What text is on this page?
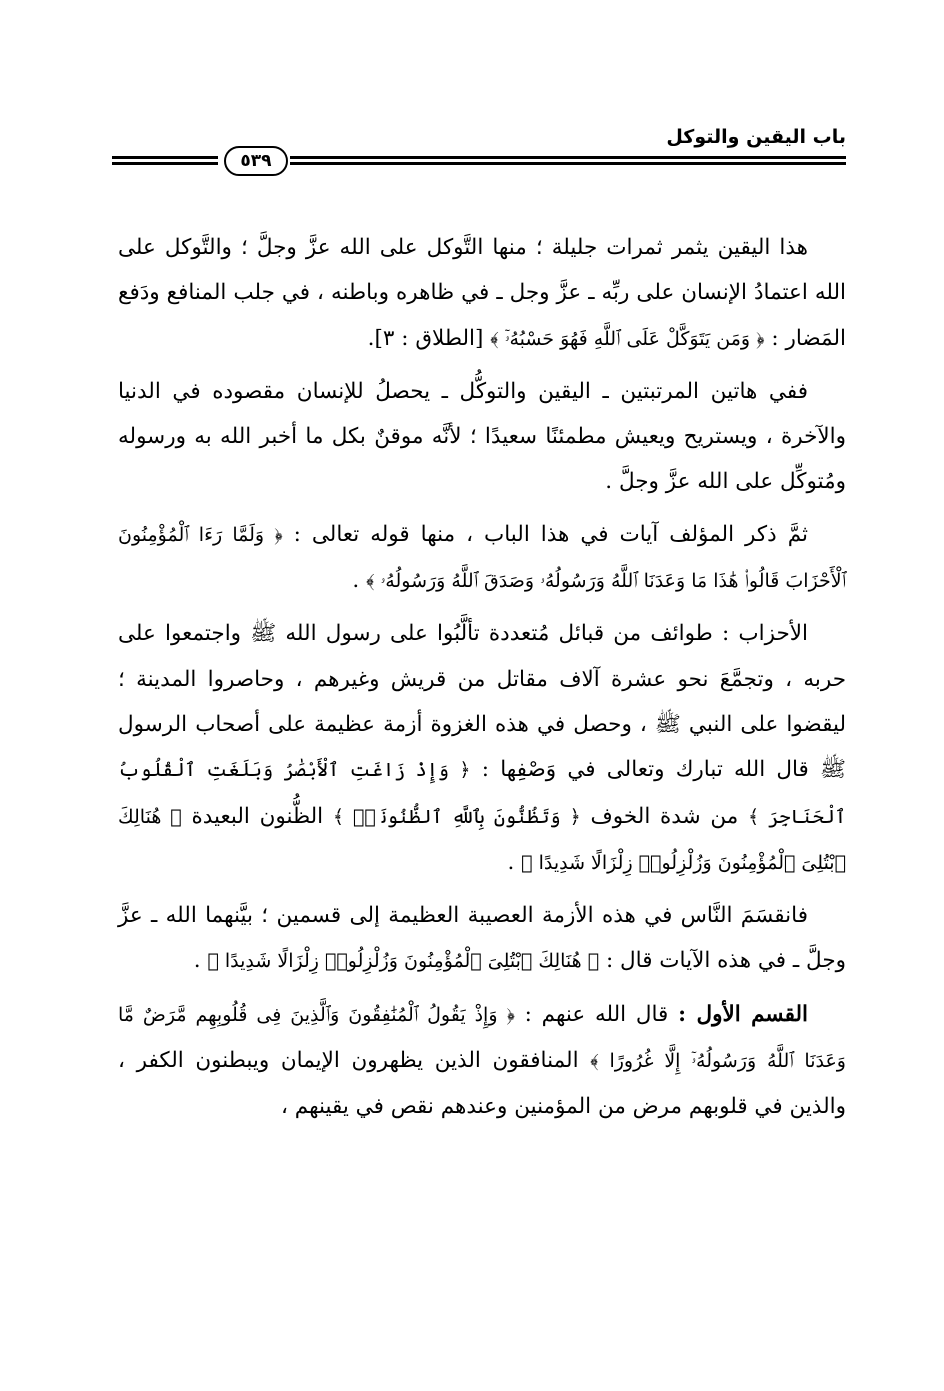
باب اليقين والتوكل
٥٣٩

هذا اليقين يثمر ثمرات جليلة ؛ منها التَّوكل على الله عزَّ وجلَّ ؛ والتَّوكل على الله اعتمادُ الإنسان على ربِّه ـ عزَّ وجل ـ في ظاهره وباطنه ، في جلب المنافع ودَفع المَضار : ﴿ وَمَن يَتَوَكَّلْ عَلَى ٱللَّهِ فَهُوَ حَسْبُهُۥٓ ﴾ [الطلاق : ٣].

ففي هاتين المرتبتين ـ اليقين والتوكُّل ـ يحصلُ للإنسان مقصوده في الدنيا والآخرة ، ويستريح ويعيش مطمئنًا سعيدًا ؛ لأنَّه موقنٌ بكل ما أخبر الله به ورسوله ومُتوكِّل على الله عزَّ وجلَّ .

ثمَّ ذكر المؤلف آيات في هذا الباب ، منها قوله تعالى : ﴿ وَلَمَّا رَءَا ٱلْمُؤْمِنُونَ ٱلْأَحْزَابَ قَالُوا۟ هَٰذَا مَا وَعَدَنَا ٱللَّهُ وَرَسُولُهُۥ وَصَدَقَ ٱللَّهُ وَرَسُولُهُۥ ﴾ .

الأحزاب : طوائف من قبائل مُتعددة تألَّبُوا على رسول الله ﷺ واجتمعوا على حربه ، وتجمَّعَ نحو عشرة آلاف مقاتل من قريش وغيرهم ، وحاصروا المدينة ؛ ليقضوا على النبي ﷺ ، وحصل في هذه الغزوة أزمة عظيمة على أصحاب الرسول ﷺ قال الله تبارك وتعالى في وَصْفِها : ﴿ وَإِذْ زَاغَتِ ٱلْأَبْصَٰرُ وَبَلَغَتِ ٱلْقُلُوبُ ٱلْحَنَاجِرَ ﴾ من شدة الخوف ﴿ وَتَظُنُّونَ بِٱللَّهِ ٱلظُّنُونَا۠ ﴾ الظُّنون البعيدة ﴿ هُنَالِكَ ٱبْتُلِىَ ٱلْمُؤْمِنُونَ وَزُلْزِلُوا۟ زِلْزَالًا شَدِيدًا ﴾ .

فانقسَمَ النَّاس في هذه الأزمة العصيبة العظيمة إلى قسمين ؛ بيَّنهما الله ـ عزَّ وجلَّ ـ في هذه الآيات قال : ﴿ هُنَالِكَ ٱبْتُلِىَ ٱلْمُؤْمِنُونَ وَزُلْزِلُوا۟ زِلْزَالًا شَدِيدًا ﴾ .

القسم الأول : قال الله عنهم : ﴿ وَإِذْ يَقُولُ ٱلْمُنَٰفِقُونَ وَٱلَّذِينَ فِى قُلُوبِهِم مَّرَضٌ مَّا وَعَدَنَا ٱللَّهُ وَرَسُولُهُۥٓ إِلَّا غُرُورًا ﴾ المنافقون الذين يظهرون الإيمان ويبطنون الكفر ، والذين في قلوبهم مرض من المؤمنين وعندهم نقص في يقينهم ،
